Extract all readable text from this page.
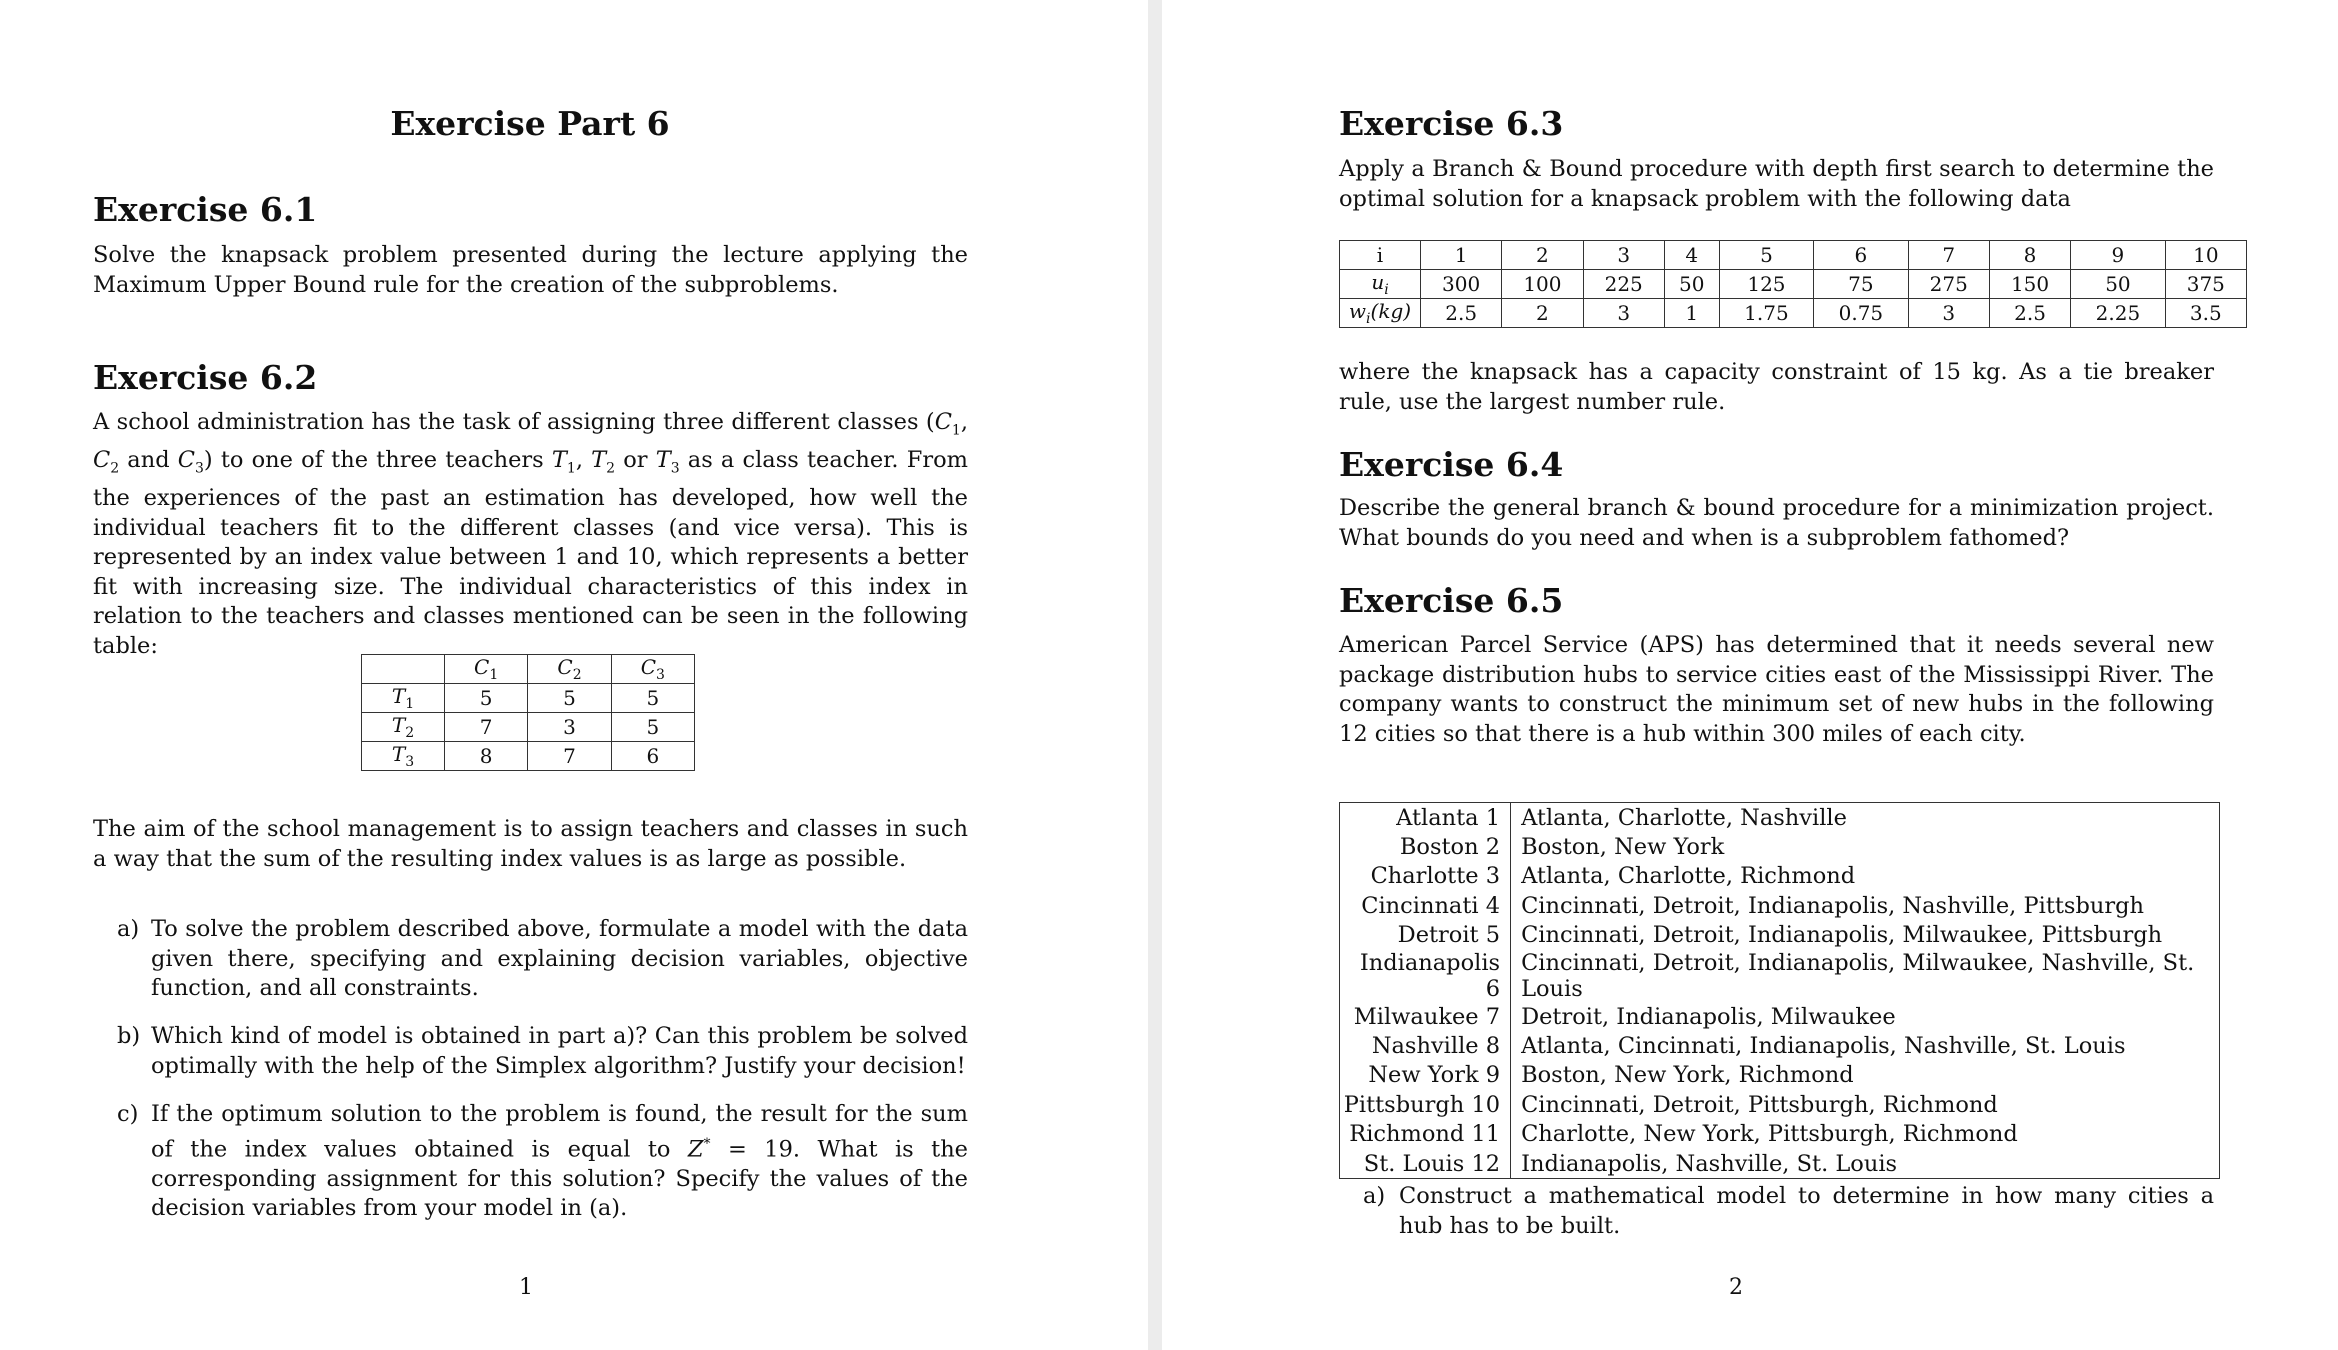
Exercise Part 6
Exercise 6.1
Solve the knapsack problem presented during the lecture applying the Maximum Upper Bound rule for the creation of the subproblems.
Exercise 6.2
A school administration has the task of assigning three different classes ($C_1$, $C_2$ and $C_3$) to one of the three teachers $T_1$, $T_2$ or $T_3$ as a class teacher. From the experiences of the past an estimation has developed, how well the individual teachers fit to the different classes (and vice versa). This is represented by an index value between 1 and 10, which represents a better fit with increasing size. The individual characteristics of this index in relation to the teachers and classes mentioned can be seen in the following table:
	$C_1$	$C_2$	$C_3$
$T_1$	5	5	5
$T_2$	7	3	5
$T_3$	8	7	6
The aim of the school management is to assign teachers and classes in such a way that the sum of the resulting index values is as large as possible.
a) To solve the problem described above, formulate a model with the data given there, specifying and explaining decision variables, objective function, and all constraints.
b) Which kind of model is obtained in part a)? Can this problem be solved optimally with the help of the Simplex algorithm? Justify your decision!
c) If the optimum solution to the problem is found, the result for the sum of the index values obtained is equal to Z* = 19. What is the corresponding assignment for this solution? Specify the values of the decision variables from your model in (a).
1
Exercise 6.3
Apply a Branch & Bound procedure with depth first search to determine the optimal solution for a knapsack problem with the following data
i	1	2	3	4	5	6	7	8	9	10
$u_i$	300	100	225	50	125	75	275	150	50	375
$w_i(kg)$	2.5	2	3	1	1.75	0.75	3	2.5	2.25	3.5
where the knapsack has a capacity constraint of 15 kg. As a tie breaker rule, use the largest number rule.
Exercise 6.4
Describe the general branch & bound procedure for a minimization project. What bounds do you need and when is a subproblem fathomed?
Exercise 6.5
American Parcel Service (APS) has determined that it needs several new package distribution hubs to service cities east of the Mississippi River. The company wants to construct the minimum set of new hubs in the following 12 cities so that there is a hub within 300 miles of each city.
Atlanta 1	Atlanta, Charlotte, Nashville
Boston 2	Boston, New York
Charlotte 3	Atlanta, Charlotte, Richmond
Cincinnati 4	Cincinnati, Detroit, Indianapolis, Nashville, Pittsburgh
Detroit 5	Cincinnati, Detroit, Indianapolis, Milwaukee, Pittsburgh
Indianapolis 6	Cincinnati, Detroit, Indianapolis, Milwaukee, Nashville, St. Louis
Milwaukee 7	Detroit, Indianapolis, Milwaukee
Nashville 8	Atlanta, Cincinnati, Indianapolis, Nashville, St. Louis
New York 9	Boston, New York, Richmond
Pittsburgh 10	Cincinnati, Detroit, Pittsburgh, Richmond
Richmond 11	Charlotte, New York, Pittsburgh, Richmond
St. Louis 12	Indianapolis, Nashville, St. Louis
a) Construct a mathematical model to determine in how many cities a hub has to be built.
2
